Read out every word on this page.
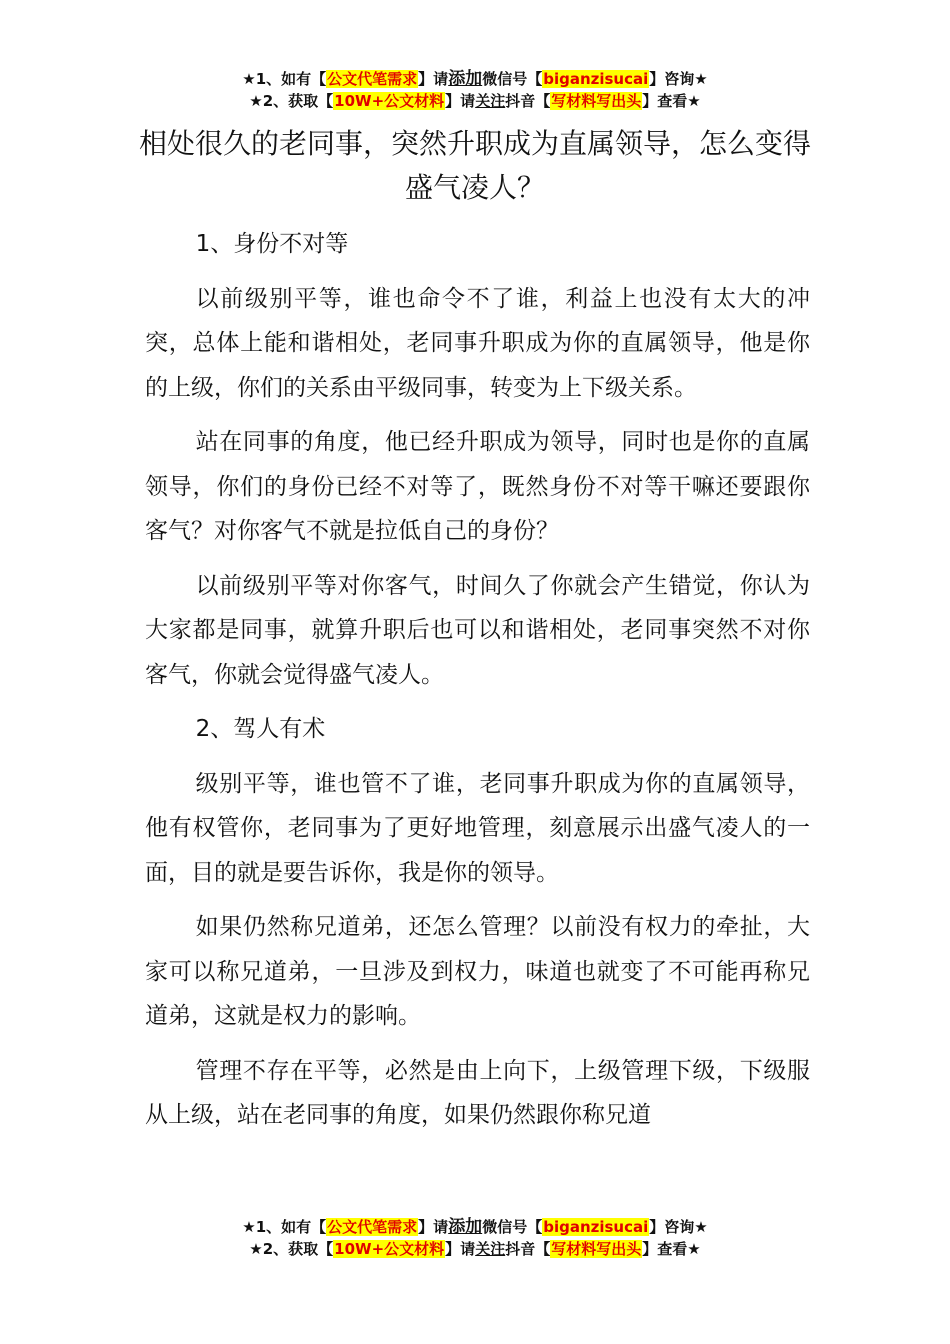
★1、如有【公文代笔需求】请添加微信号【biganzisucai】咨询★
★2、获取【10W+公文材料】请关注抖音【写材料写出头】查看★
相处很久的老同事，突然升职成为直属领导，怎么变得盛气凌人？

1、身份不对等

以前级别平等，谁也命令不了谁，利益上也没有太大的冲突，总体上能和谐相处，老同事升职成为你的直属领导，他是你的上级，你们的关系由平级同事，转变为上下级关系。

站在同事的角度，他已经升职成为领导，同时也是你的直属领导，你们的身份已经不对等了，既然身份不对等干嘛还要跟你客气？对你客气不就是拉低自己的身份？

以前级别平等对你客气，时间久了你就会产生错觉，你认为大家都是同事，就算升职后也可以和谐相处，老同事突然不对你客气，你就会觉得盛气凌人。

2、驾人有术

级别平等，谁也管不了谁，老同事升职成为你的直属领导，他有权管你，老同事为了更好地管理，刻意展示出盛气凌人的一面，目的就是要告诉你，我是你的领导。

如果仍然称兄道弟，还怎么管理？以前没有权力的牵扯，大家可以称兄道弟，一旦涉及到权力，味道也就变了不可能再称兄道弟，这就是权力的影响。

管理不存在平等，必然是由上向下，上级管理下级，下级服从上级，站在老同事的角度，如果仍然跟你称兄道

★1、如有【公文代笔需求】请添加微信号【biganzisucai】咨询★
★2、获取【10W+公文材料】请关注抖音【写材料写出头】查看★
